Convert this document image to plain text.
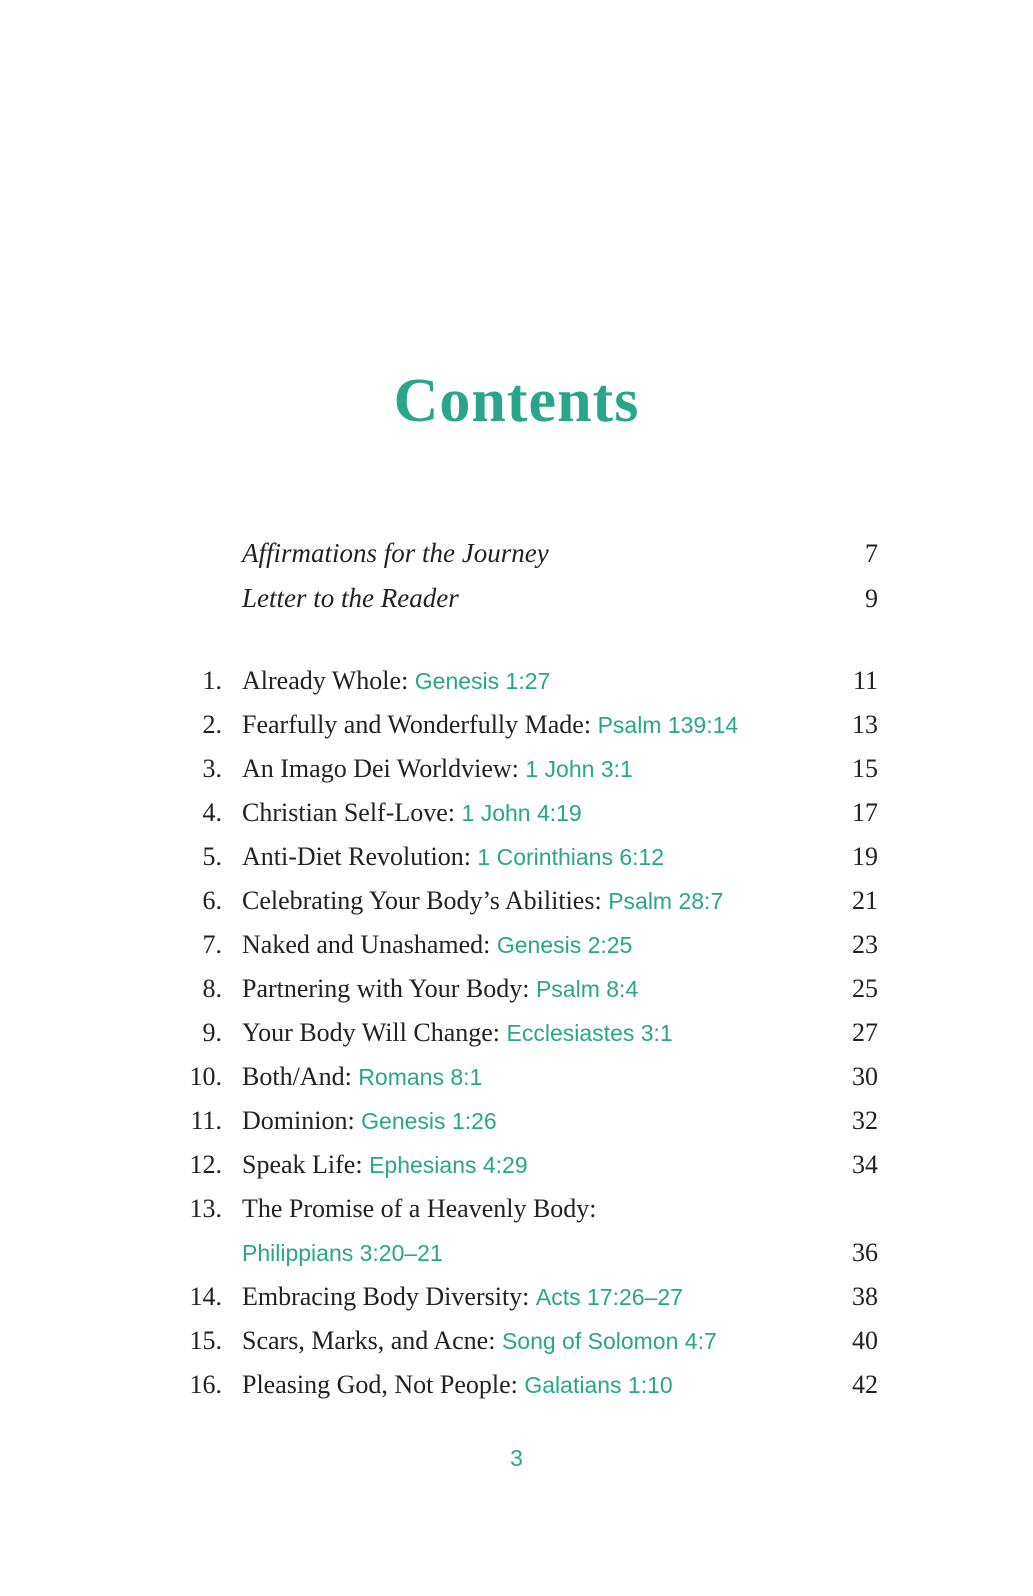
Contents
Affirmations for the Journey	7
Letter to the Reader	9
1. Already Whole: Genesis 1:27	11
2. Fearfully and Wonderfully Made: Psalm 139:14	13
3. An Imago Dei Worldview: 1 John 3:1	15
4. Christian Self-Love: 1 John 4:19	17
5. Anti-Diet Revolution: 1 Corinthians 6:12	19
6. Celebrating Your Body’s Abilities: Psalm 28:7	21
7. Naked and Unashamed: Genesis 2:25	23
8. Partnering with Your Body: Psalm 8:4	25
9. Your Body Will Change: Ecclesiastes 3:1	27
10. Both/And: Romans 8:1	30
11. Dominion: Genesis 1:26	32
12. Speak Life: Ephesians 4:29	34
13. The Promise of a Heavenly Body:
Philippians 3:20–21	36
14. Embracing Body Diversity: Acts 17:26–27	38
15. Scars, Marks, and Acne: Song of Solomon 4:7	40
16. Pleasing God, Not People: Galatians 1:10	42
3
